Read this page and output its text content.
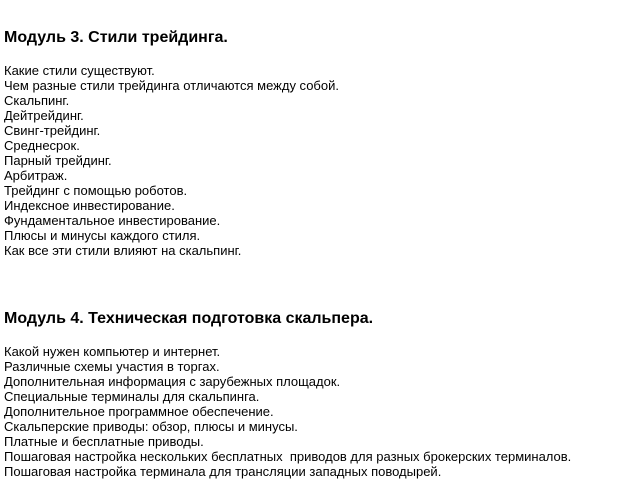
Модуль 3. Стили трейдинга.
Какие стили существуют.
Чем разные стили трейдинга отличаются между собой.
Скальпинг.
Дейтрейдинг.
Свинг-трейдинг.
Среднесрок.
Парный трейдинг.
Арбитраж.
Трейдинг с помощью роботов.
Индексное инвестирование.
Фундаментальное инвестирование.
Плюсы и минусы каждого стиля.
Как все эти стили влияют на скальпинг.
Модуль 4. Техническая подготовка скальпера.
Какой нужен компьютер и интернет.
Различные схемы участия в торгах.
Дополнительная информация с зарубежных площадок.
Специальные терминалы для скальпинга.
Дополнительное программное обеспечение.
Скальперские приводы: обзор, плюсы и минусы.
Платные и бесплатные приводы.
Пошаговая настройка нескольких бесплатных  приводов для разных брокерских терминалов.
Пошаговая настройка терминала для трансляции западных поводырей.
